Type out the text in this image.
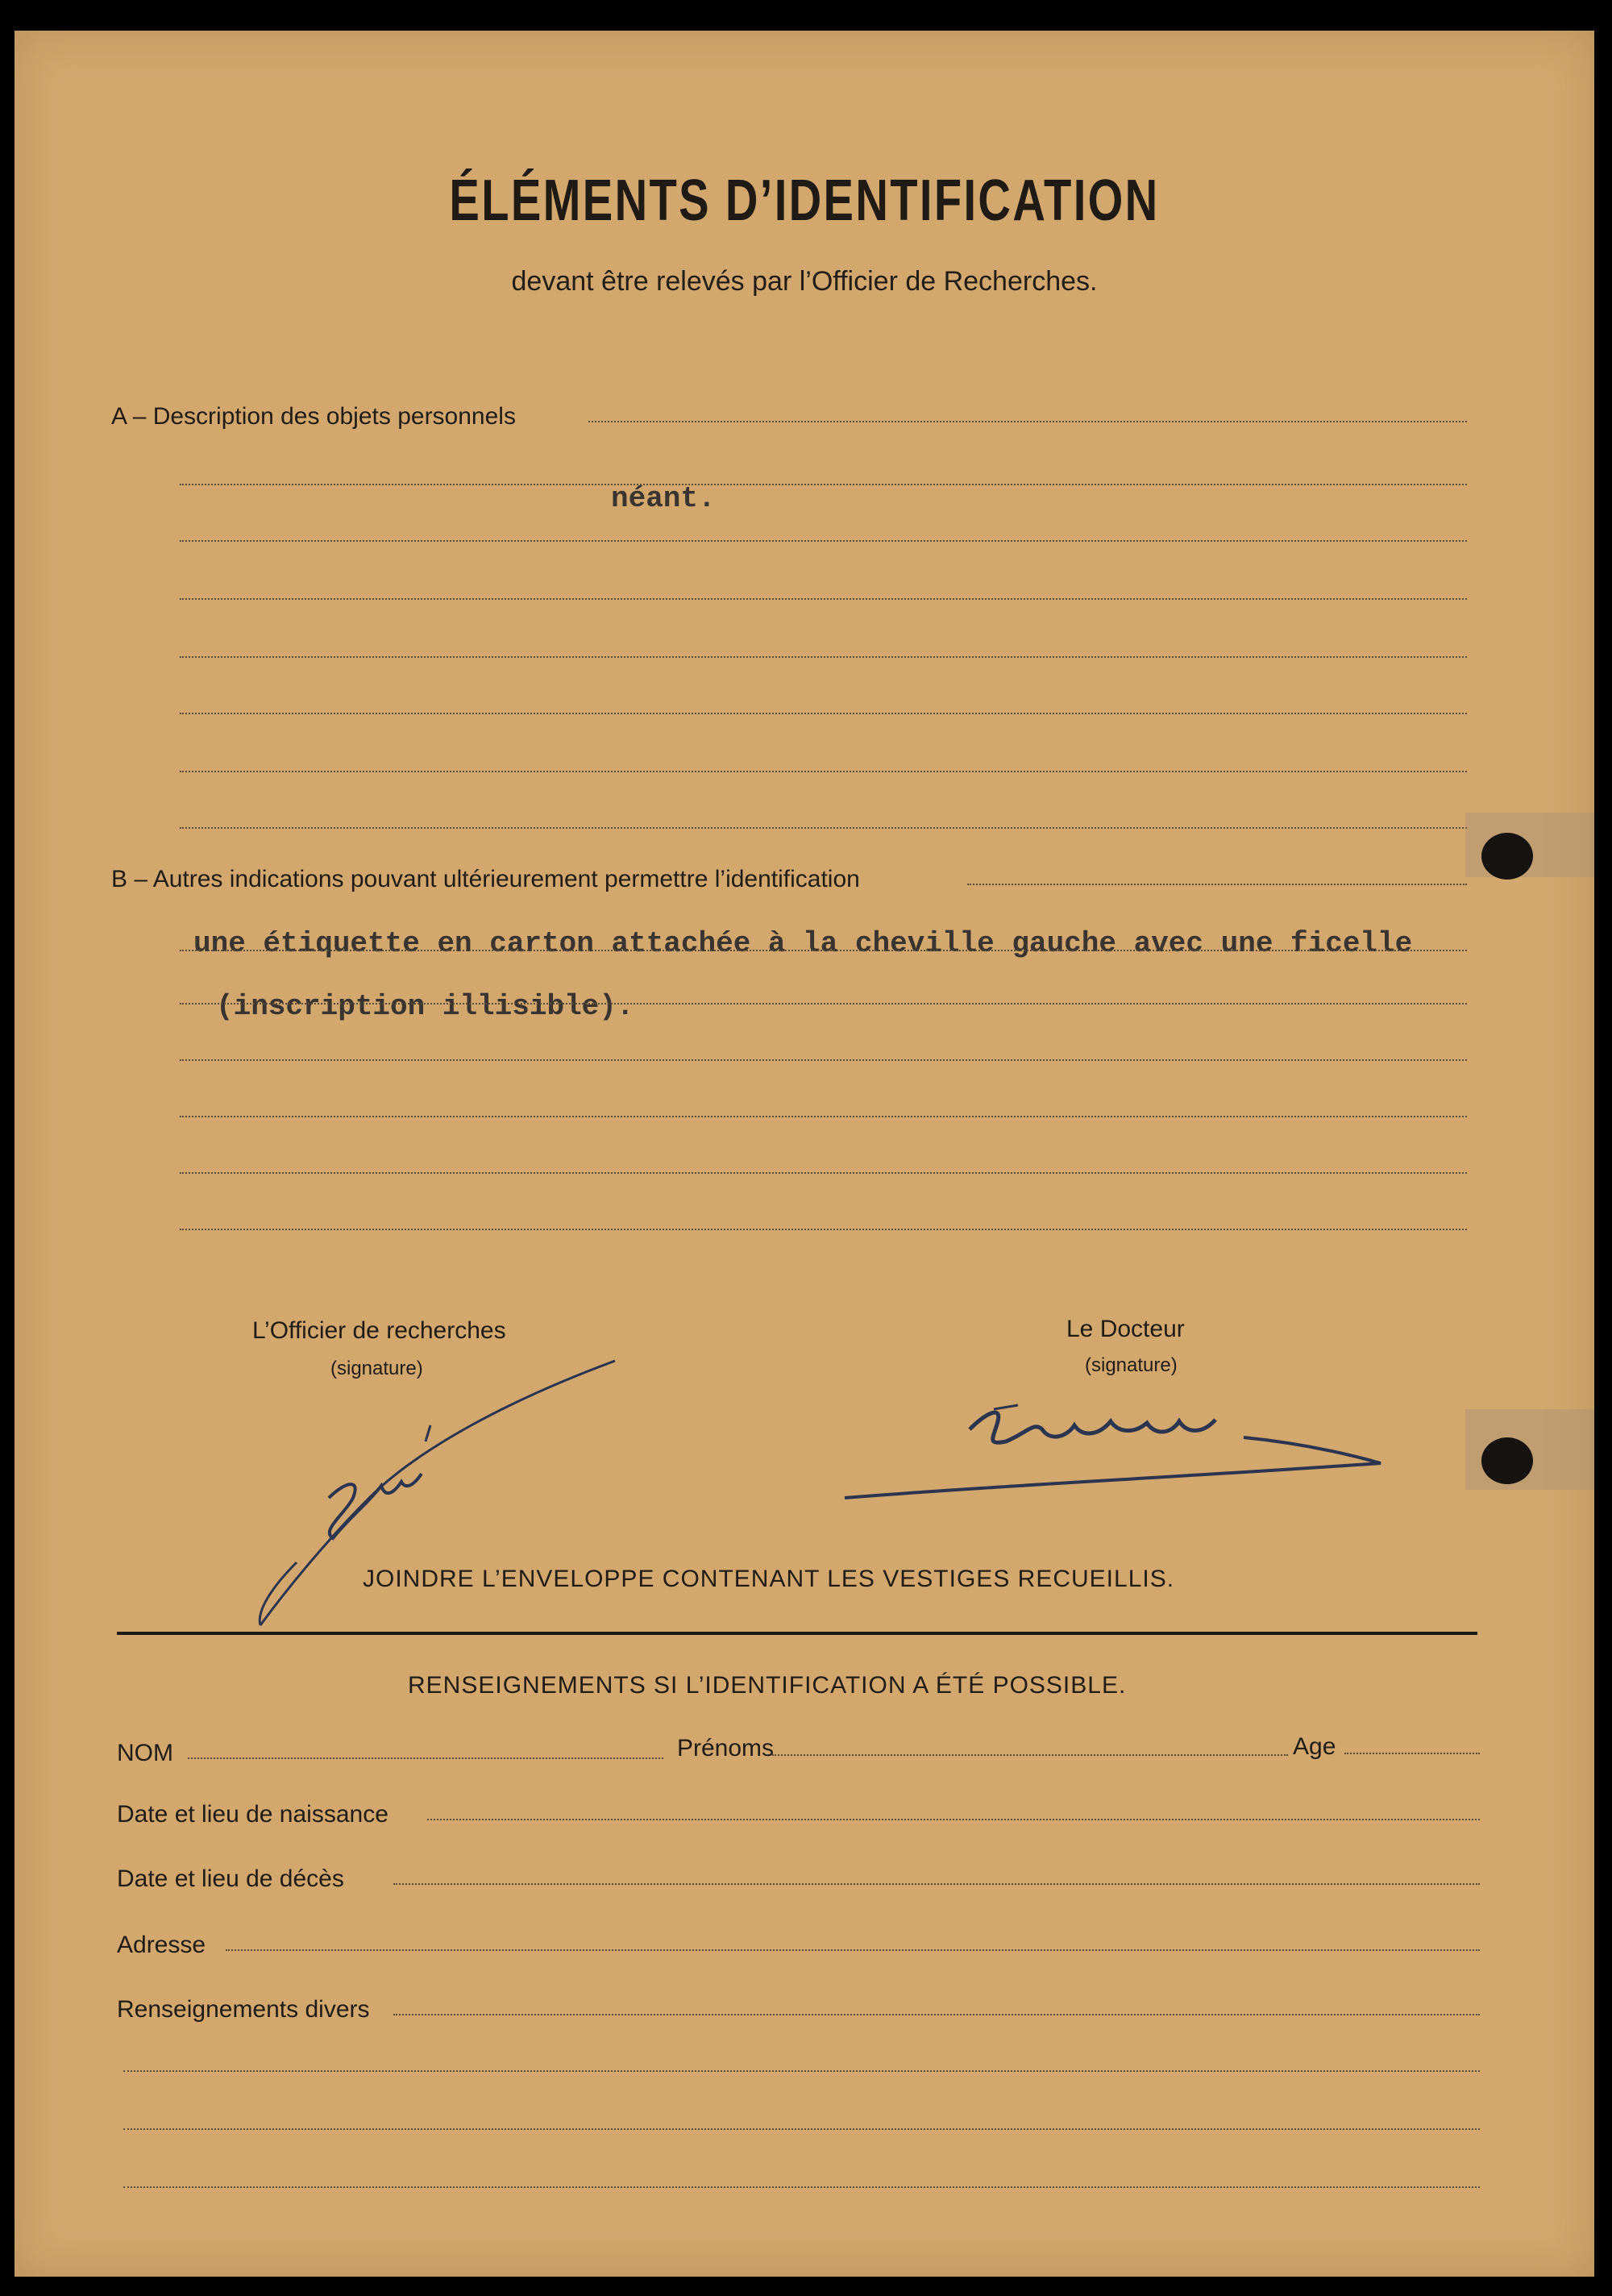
ÉLÉMENTS D’IDENTIFICATION
devant être relevés par l’Officier de Recherches.
A – Description des objets personnels
néant.
B – Autres indications pouvant ultérieurement permettre l’identification
une étiquette en carton attachée à la cheville gauche avec une ficelle
(inscription illisible).
L’Officier de recherches
(signature)
Le Docteur
(signature)
JOINDRE L’ENVELOPPE CONTENANT LES VESTIGES RECUEILLIS.
RENSEIGNEMENTS SI L’IDENTIFICATION A ÉTÉ POSSIBLE.
NOM	Prénoms	Age
Date et lieu de naissance
Date et lieu de décès
Adresse
Renseignements divers
